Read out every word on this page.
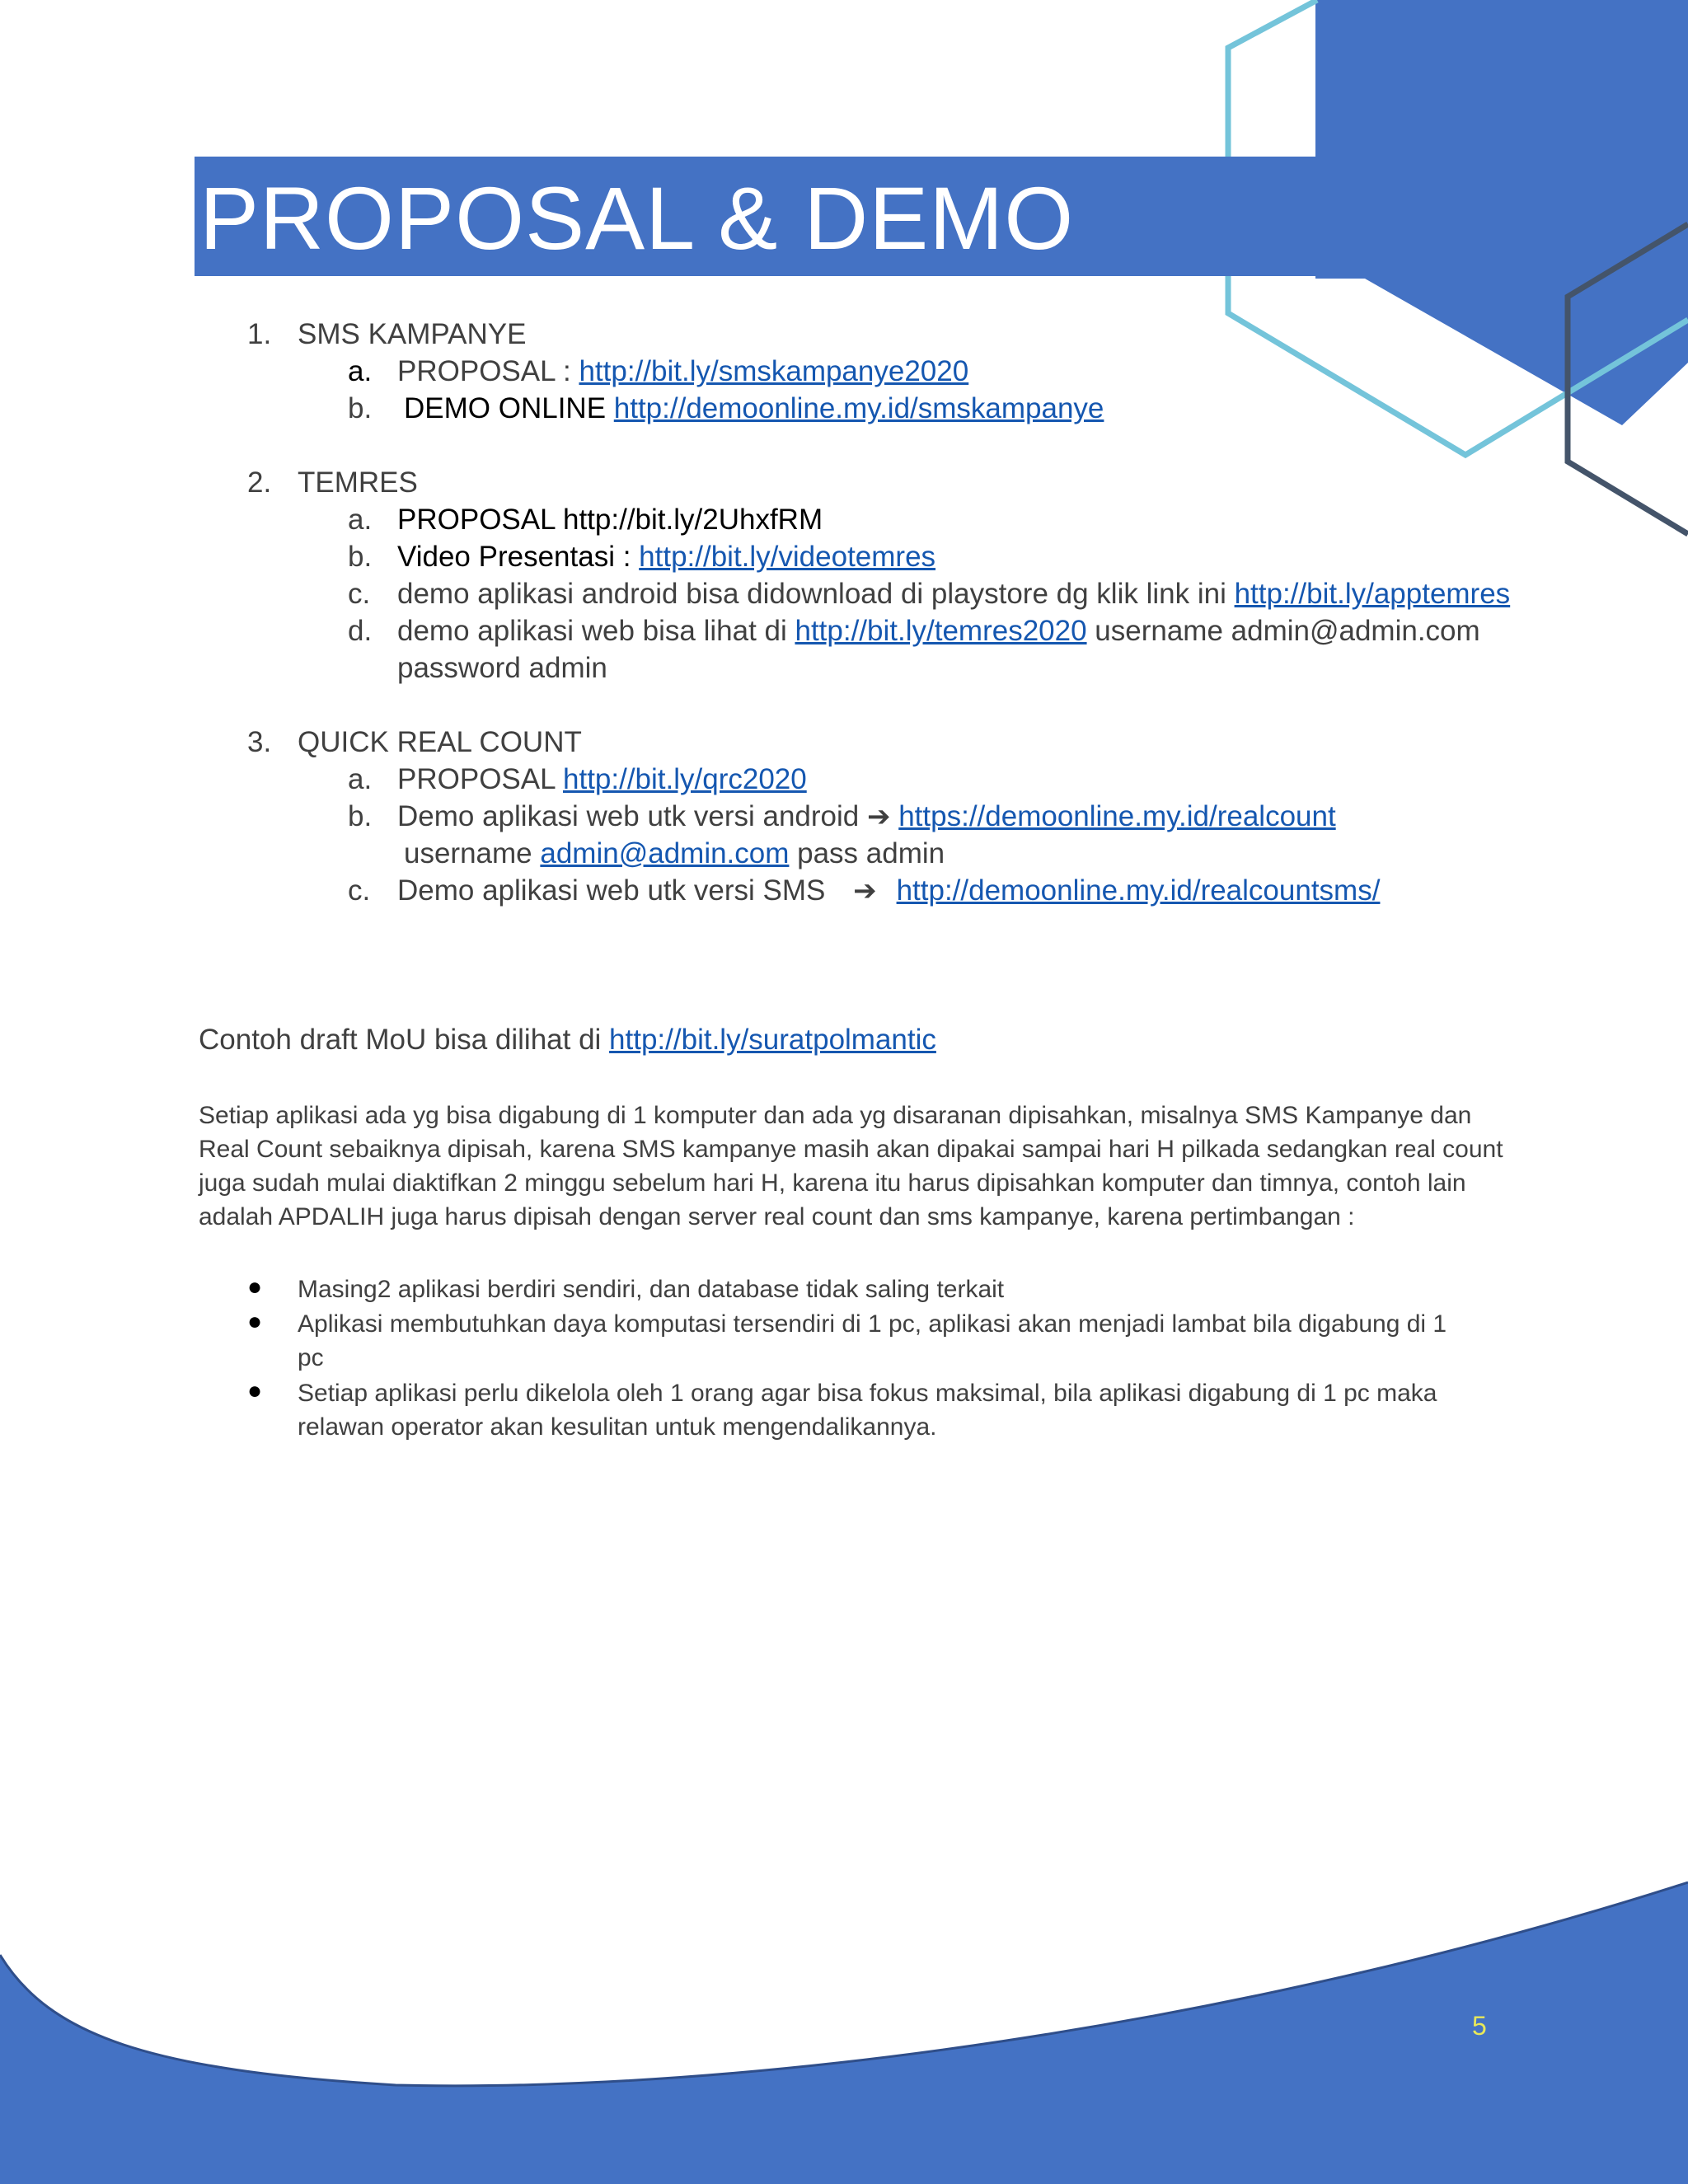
PROPOSAL & DEMO
1. SMS KAMPANYE
a. PROPOSAL : http://bit.ly/smskampanye2020
b. DEMO ONLINE http://demoonline.my.id/smskampanye
2. TEMRES
a. PROPOSAL http://bit.ly/2UhxfRM
b. Video Presentasi : http://bit.ly/videotemres
c. demo aplikasi android bisa didownload di playstore dg klik link ini http://bit.ly/apptemres
d. demo aplikasi web bisa lihat di http://bit.ly/temres2020 username admin@admin.com
password admin
3. QUICK REAL COUNT
a. PROPOSAL http://bit.ly/qrc2020
b. Demo aplikasi web utk versi android ➔ https://demoonline.my.id/realcount
username admin@admin.com pass admin
c. Demo aplikasi web utk versi SMS ➔ http://demoonline.my.id/realcountsms/
Contoh draft MoU bisa dilihat di http://bit.ly/suratpolmantic
Setiap aplikasi ada yg bisa digabung di 1 komputer dan ada yg disaranan dipisahkan, misalnya SMS Kampanye dan
Real Count sebaiknya dipisah, karena SMS kampanye masih akan dipakai sampai hari H pilkada sedangkan real count
juga sudah mulai diaktifkan 2 minggu sebelum hari H, karena itu harus dipisahkan komputer dan timnya, contoh lain
adalah APDALIH juga harus dipisah dengan server real count dan sms kampanye, karena pertimbangan :
● Masing2 aplikasi berdiri sendiri, dan database tidak saling terkait
● Aplikasi membutuhkan daya komputasi tersendiri di 1 pc, aplikasi akan menjadi lambat bila digabung di 1
pc
● Setiap aplikasi perlu dikelola oleh 1 orang agar bisa fokus maksimal, bila aplikasi digabung di 1 pc maka
relawan operator akan kesulitan untuk mengendalikannya.
5
